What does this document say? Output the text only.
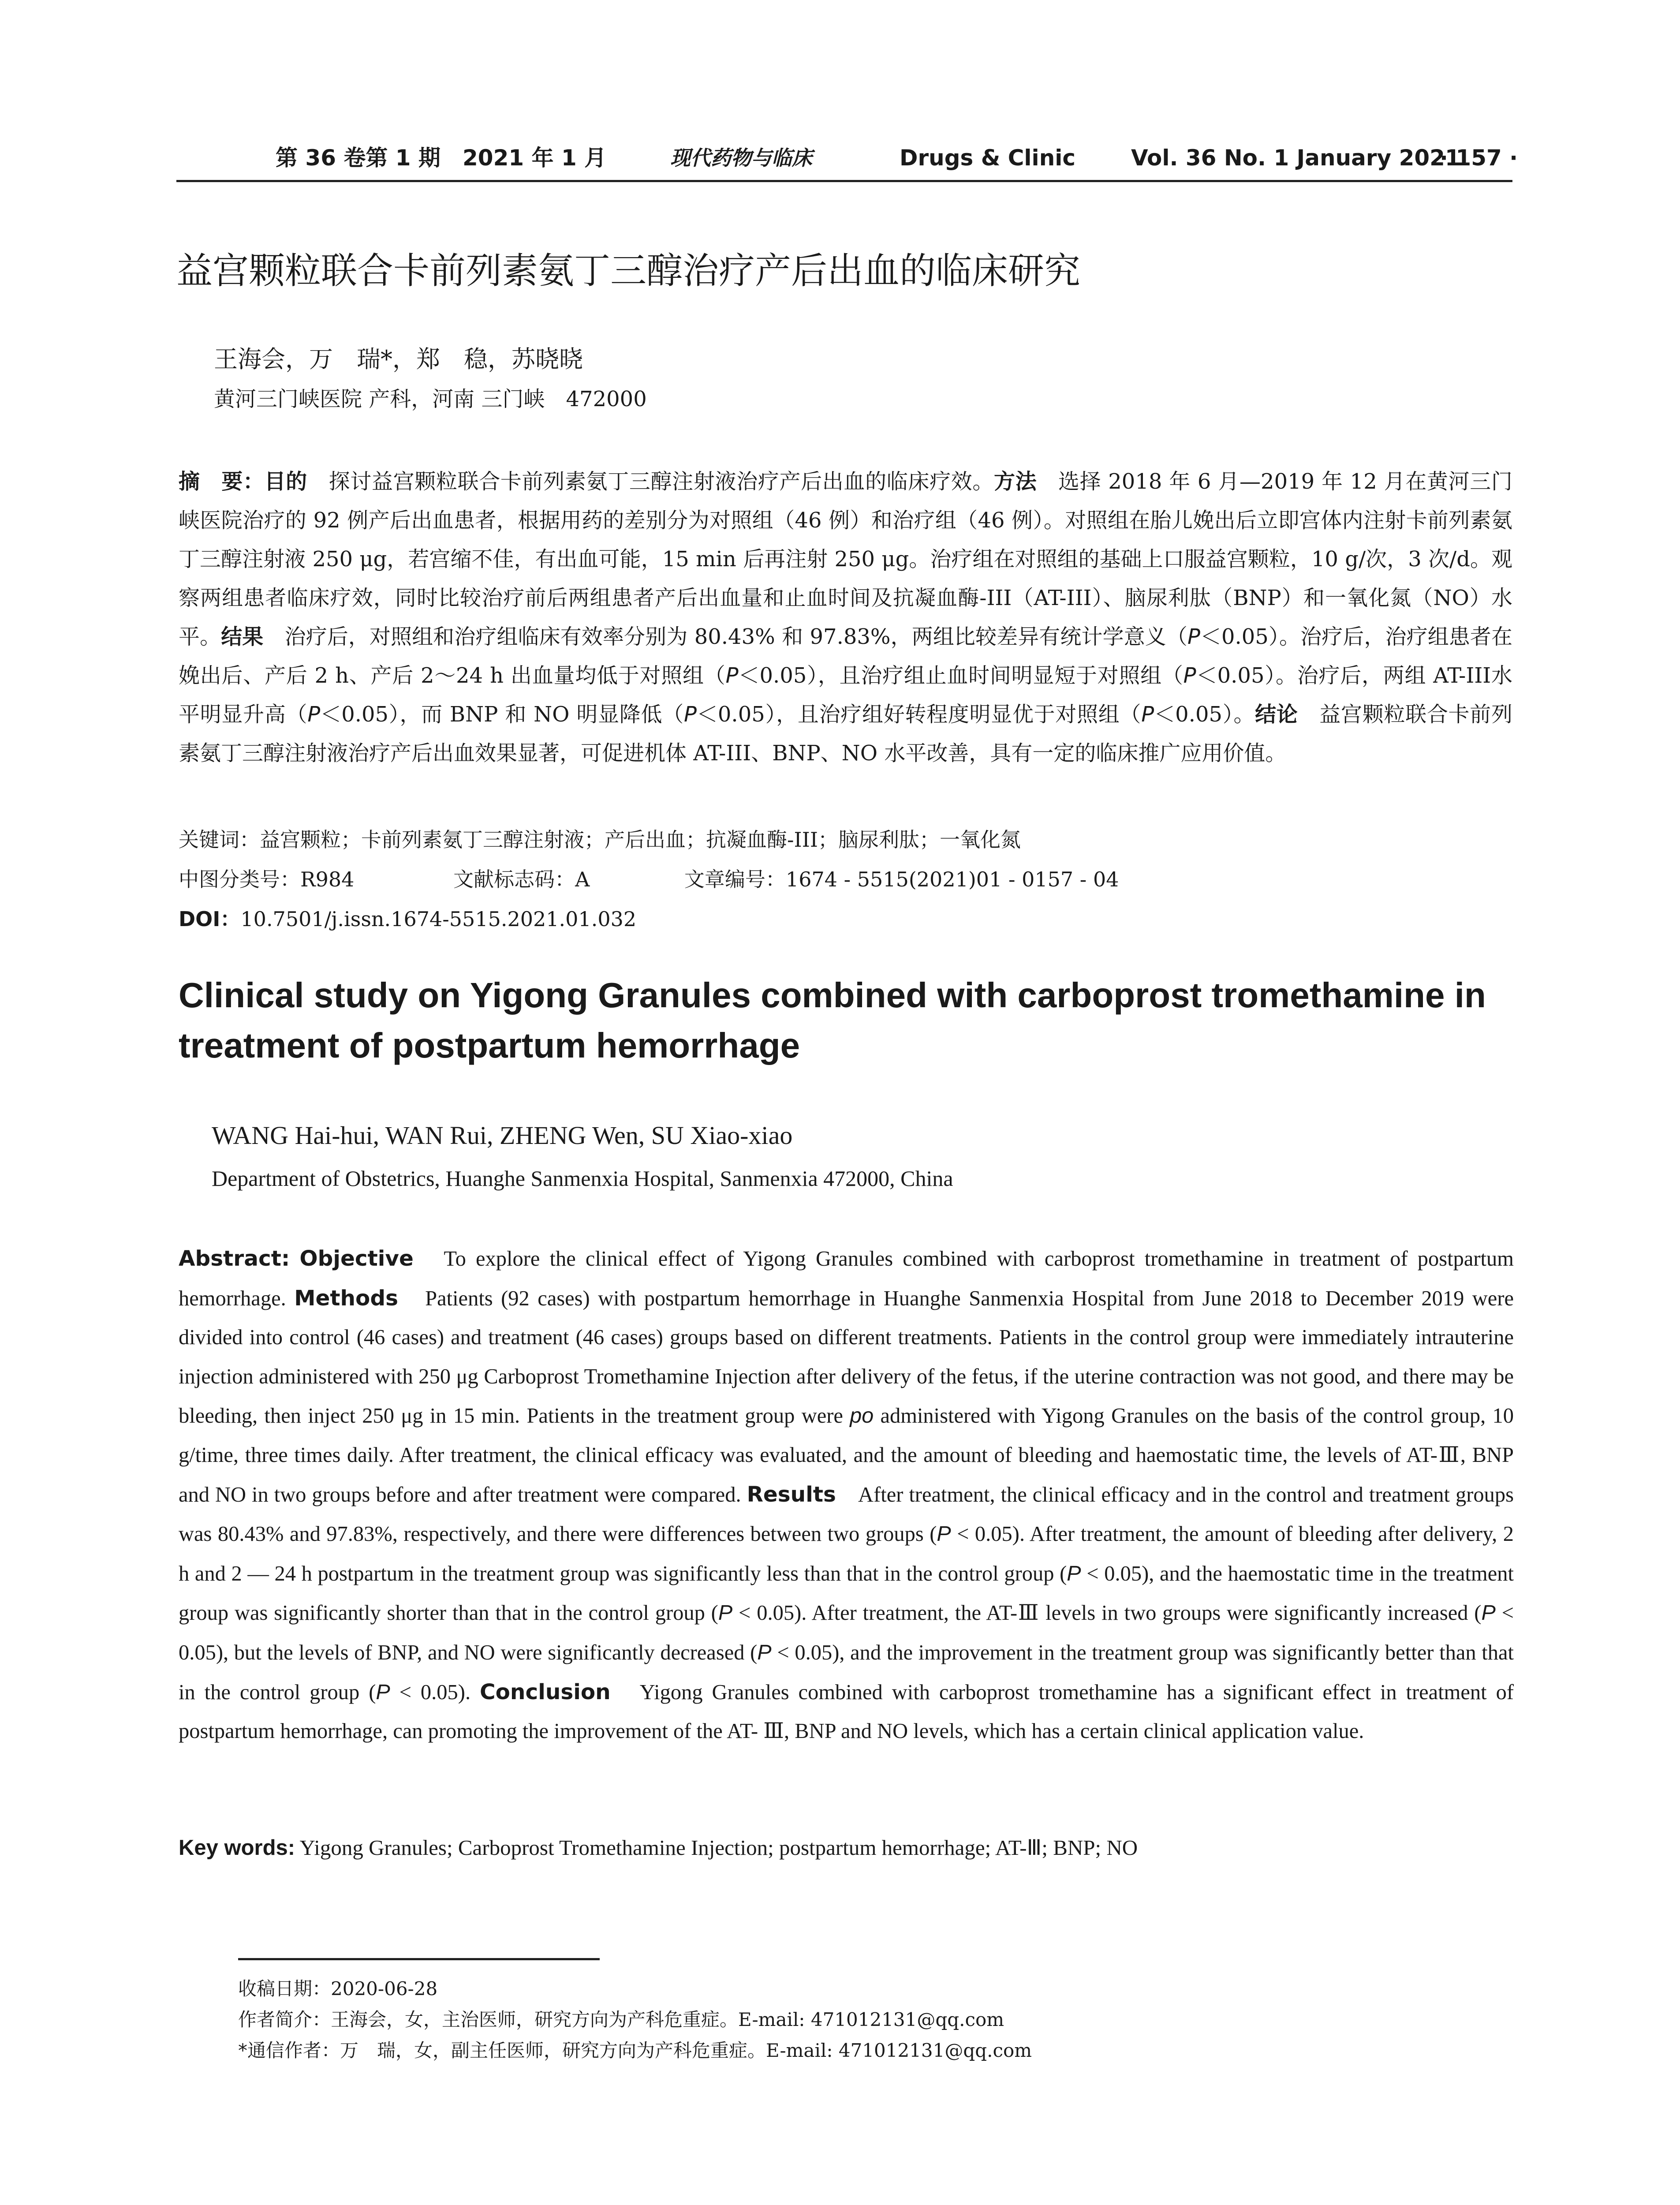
第 36 卷第 1 期　2021 年 1 月	现代药物与临床	Drugs & Clinic	Vol. 36 No. 1 January 2021
· 157 ·
益宫颗粒联合卡前列素氨丁三醇治疗产后出血的临床研究
王海会，万　瑞*，郑　稳，苏晓晓
黄河三门峡医院 产科，河南 三门峡　472000
摘　要：目的　探讨益宫颗粒联合卡前列素氨丁三醇注射液治疗产后出血的临床疗效。方法　选择 2018 年 6 月—2019 年 12 月在黄河三门峡医院治疗的 92 例产后出血患者，根据用药的差别分为对照组（46 例）和治疗组（46 例）。对照组在胎儿娩出后立即宫体内注射卡前列素氨丁三醇注射液 250 μg，若宫缩不佳，有出血可能，15 min 后再注射 250 μg。治疗组在对照组的基础上口服益宫颗粒，10 g/次，3 次/d。观察两组患者临床疗效，同时比较治疗前后两组患者产后出血量和止血时间及抗凝血酶-III（AT-III）、脑尿利肽（BNP）和一氧化氮（NO）水平。结果　治疗后，对照组和治疗组临床有效率分别为 80.43% 和 97.83%，两组比较差异有统计学意义（P＜0.05）。治疗后，治疗组患者在娩出后、产后 2 h、产后 2～24 h 出血量均低于对照组（P＜0.05），且治疗组止血时间明显短于对照组（P＜0.05）。治疗后，两组 AT-III水平明显升高（P＜0.05），而 BNP 和 NO 明显降低（P＜0.05），且治疗组好转程度明显优于对照组（P＜0.05）。结论　益宫颗粒联合卡前列素氨丁三醇注射液治疗产后出血效果显著，可促进机体 AT-III、BNP、NO 水平改善，具有一定的临床推广应用价值。
关键词：益宫颗粒；卡前列素氨丁三醇注射液；产后出血；抗凝血酶-III；脑尿利肽；一氧化氮
中图分类号：R984	文献标志码：A	文章编号：1674 - 5515(2021)01 - 0157 - 04
DOI：10.7501/j.issn.1674-5515.2021.01.032
Clinical study on Yigong Granules combined with carboprost tromethamine in treatment of postpartum hemorrhage
WANG Hai-hui, WAN Rui, ZHENG Wen, SU Xiao-xiao
Department of Obstetrics, Huanghe Sanmenxia Hospital, Sanmenxia 472000, China
Abstract: Objective　To explore the clinical effect of Yigong Granules combined with carboprost tromethamine in treatment of postpartum hemorrhage. Methods　Patients (92 cases) with postpartum hemorrhage in Huanghe Sanmenxia Hospital from June 2018 to December 2019 were divided into control (46 cases) and treatment (46 cases) groups based on different treatments. Patients in the control group were immediately intrauterine injection administered with 250 μg Carboprost Tromethamine Injection after delivery of the fetus, if the uterine contraction was not good, and there may be bleeding, then inject 250 μg in 15 min. Patients in the treatment group were po administered with Yigong Granules on the basis of the control group, 10 g/time, three times daily. After treatment, the clinical efficacy was evaluated, and the amount of bleeding and haemostatic time, the levels of AT-Ⅲ, BNP and NO in two groups before and after treatment were compared. Results　After treatment, the clinical efficacy and in the control and treatment groups was 80.43% and 97.83%, respectively, and there were differences between two groups (P < 0.05). After treatment, the amount of bleeding after delivery, 2 h and 2 — 24 h postpartum in the treatment group was significantly less than that in the control group (P < 0.05), and the haemostatic time in the treatment group was significantly shorter than that in the control group (P < 0.05). After treatment, the AT-Ⅲ levels in two groups were significantly increased (P < 0.05), but the levels of BNP, and NO were significantly decreased (P < 0.05), and the improvement in the treatment group was significantly better than that in the control group (P < 0.05). Conclusion　Yigong Granules combined with carboprost tromethamine has a significant effect in treatment of postpartum hemorrhage, can promoting the improvement of the AT- Ⅲ, BNP and NO levels, which has a certain clinical application value.
Key words: Yigong Granules; Carboprost Tromethamine Injection; postpartum hemorrhage; AT-Ⅲ; BNP; NO
收稿日期：2020-06-28
作者简介：王海会，女，主治医师，研究方向为产科危重症。E-mail: 471012131@qq.com
*通信作者：万　瑞，女，副主任医师，研究方向为产科危重症。E-mail: 471012131@qq.com
